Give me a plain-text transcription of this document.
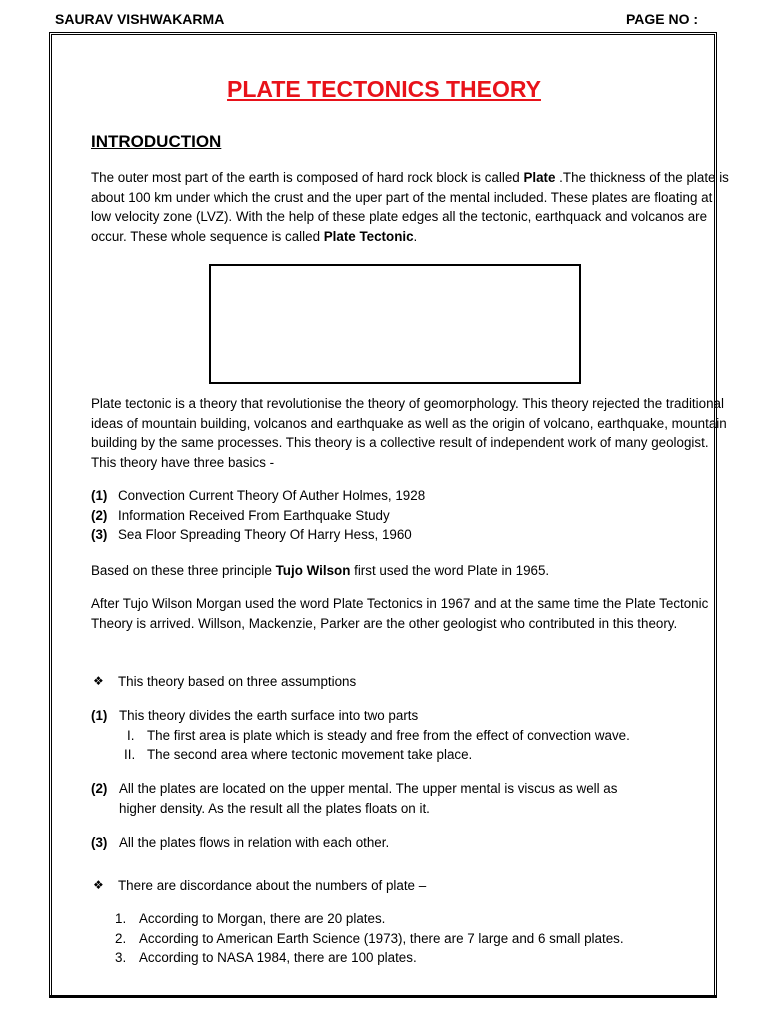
SAURAV VISHWAKARMA	PAGE NO :
PLATE TECTONICS THEORY
INTRODUCTION
The outer most part of the earth is composed of hard rock block is called Plate .The thickness of the plate is about 100 km under which the crust and the uper part of the mental included. These plates are floating at low velocity zone (LVZ). With the help of these plate edges all the tectonic, earthquack and volcanos are occur. These whole sequence is called Plate Tectonic.
Plate tectonic is a theory that revolutionise the theory of geomorphology. This theory rejected the traditional ideas of mountain building, volcanos and earthquake as well as the origin of volcano, earthquake, mountain building by the same processes. This theory is a collective result of independent work of many geologist. This theory have three basics -
(1) Convection Current Theory Of Auther Holmes, 1928
(2) Information Received From Earthquake Study
(3) Sea Floor Spreading Theory Of Harry Hess, 1960
Based on these three principle Tujo Wilson first used the word Plate in 1965.
After Tujo Wilson Morgan used the word Plate Tectonics in 1967 and at the same time the Plate Tectonic Theory is arrived. Willson, Mackenzie, Parker are the other geologist who contributed in this theory.
❖ This theory based on three assumptions
(1) This theory divides the earth surface into two parts
I. The first area is plate which is steady and free from the effect of convection wave.
II. The second area where tectonic movement take place.
(2) All the plates are located on the upper mental. The upper mental is viscus as well as
higher density. As the result all the plates floats on it.
(3) All the plates flows in relation with each other.
❖ There are discordance about the numbers of plate –
1. According to Morgan, there are 20 plates.
2. According to American Earth Science (1973), there are 7 large and 6 small plates.
3. According to NASA 1984, there are 100 plates.
